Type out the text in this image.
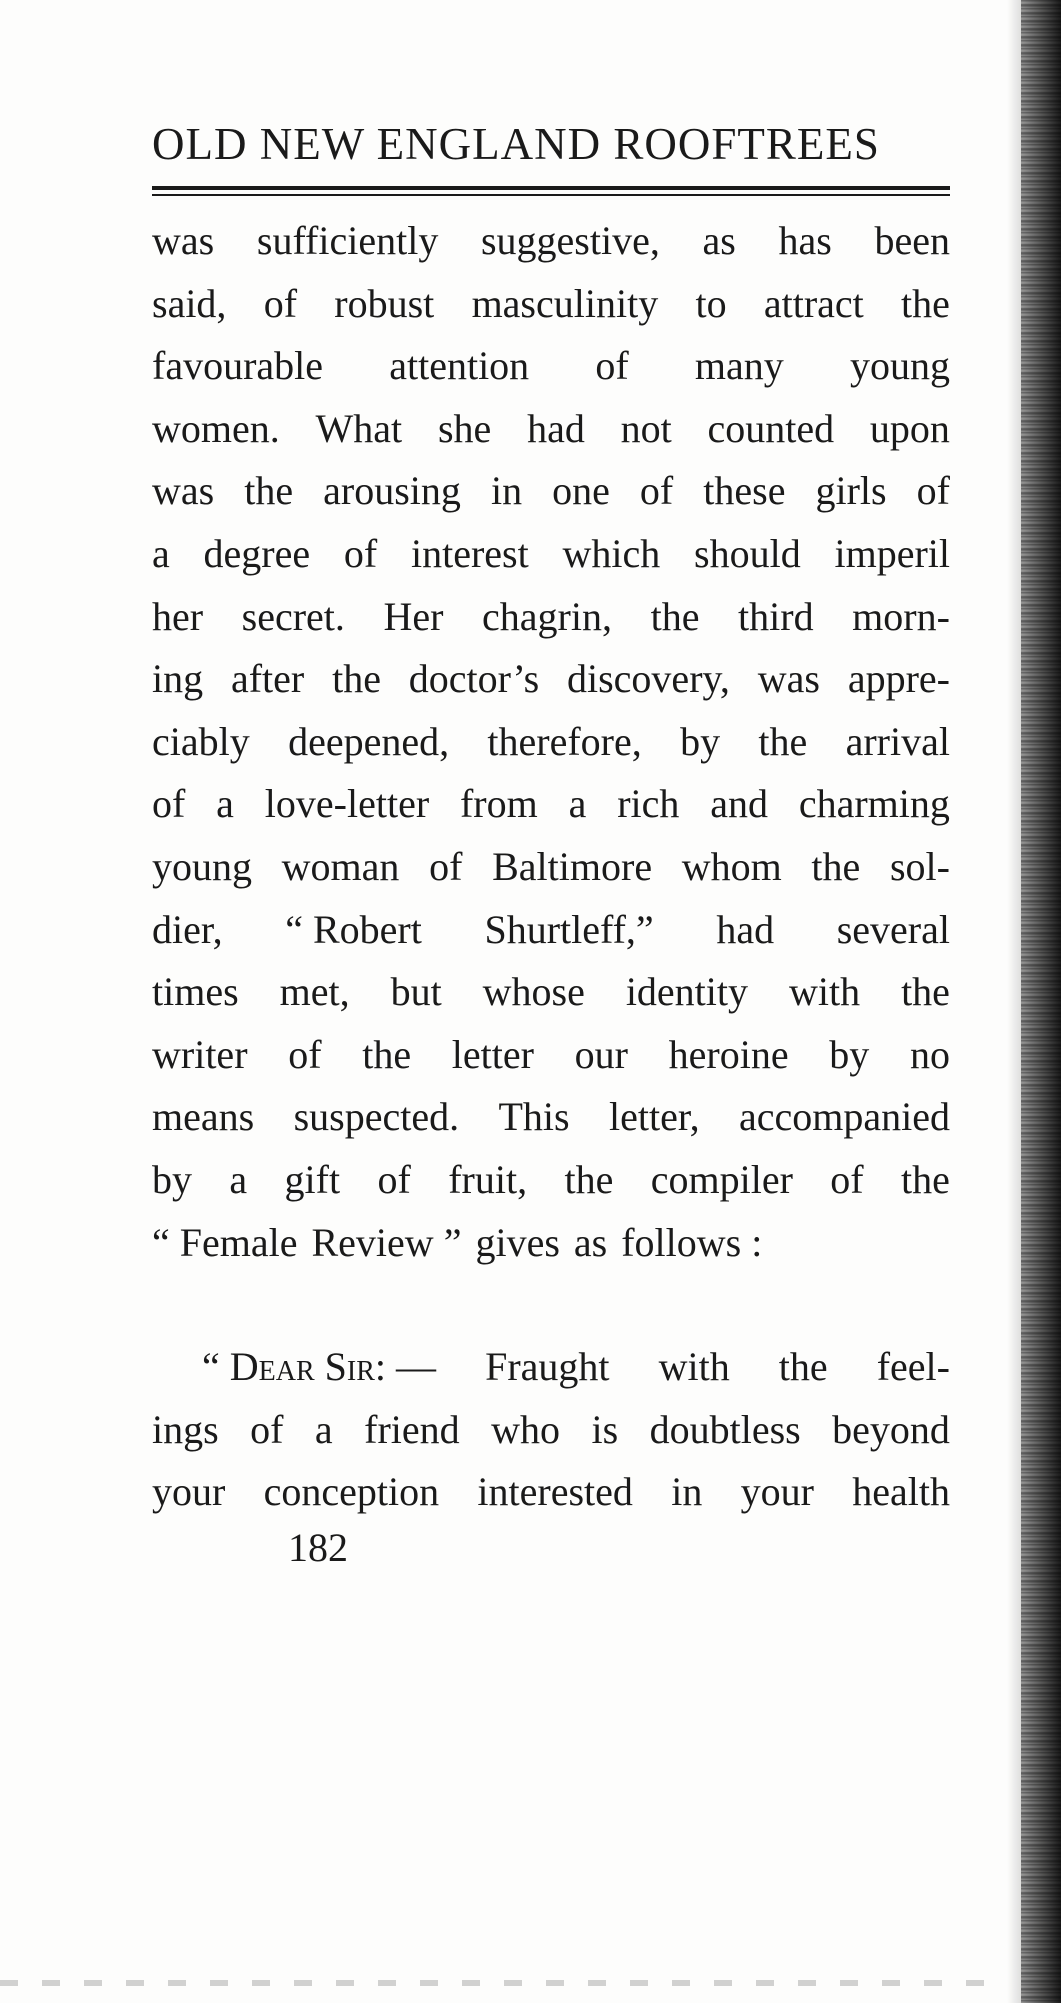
OLD NEW ENGLAND ROOFTREES
was sufficiently suggestive, as has been
said, of robust masculinity to attract the
favourable attention of many young
women. What she had not counted upon
was the arousing in one of these girls of
a degree of interest which should imperil
her secret. Her chagrin, the third morn-
ing after the doctor’s discovery, was appre-
ciably deepened, therefore, by the arrival
of a love-letter from a rich and charming
young woman of Baltimore whom the sol-
dier, “ Robert Shurtleff,” had several
times met, but whose identity with the
writer of the letter our heroine by no
means suspected. This letter, accompanied
by a gift of fruit, the compiler of the
“ Female Review ” gives as follows :
“ Dear Sir: — Fraught with the feel-
ings of a friend who is doubtless beyond
your conception interested in your health
182
